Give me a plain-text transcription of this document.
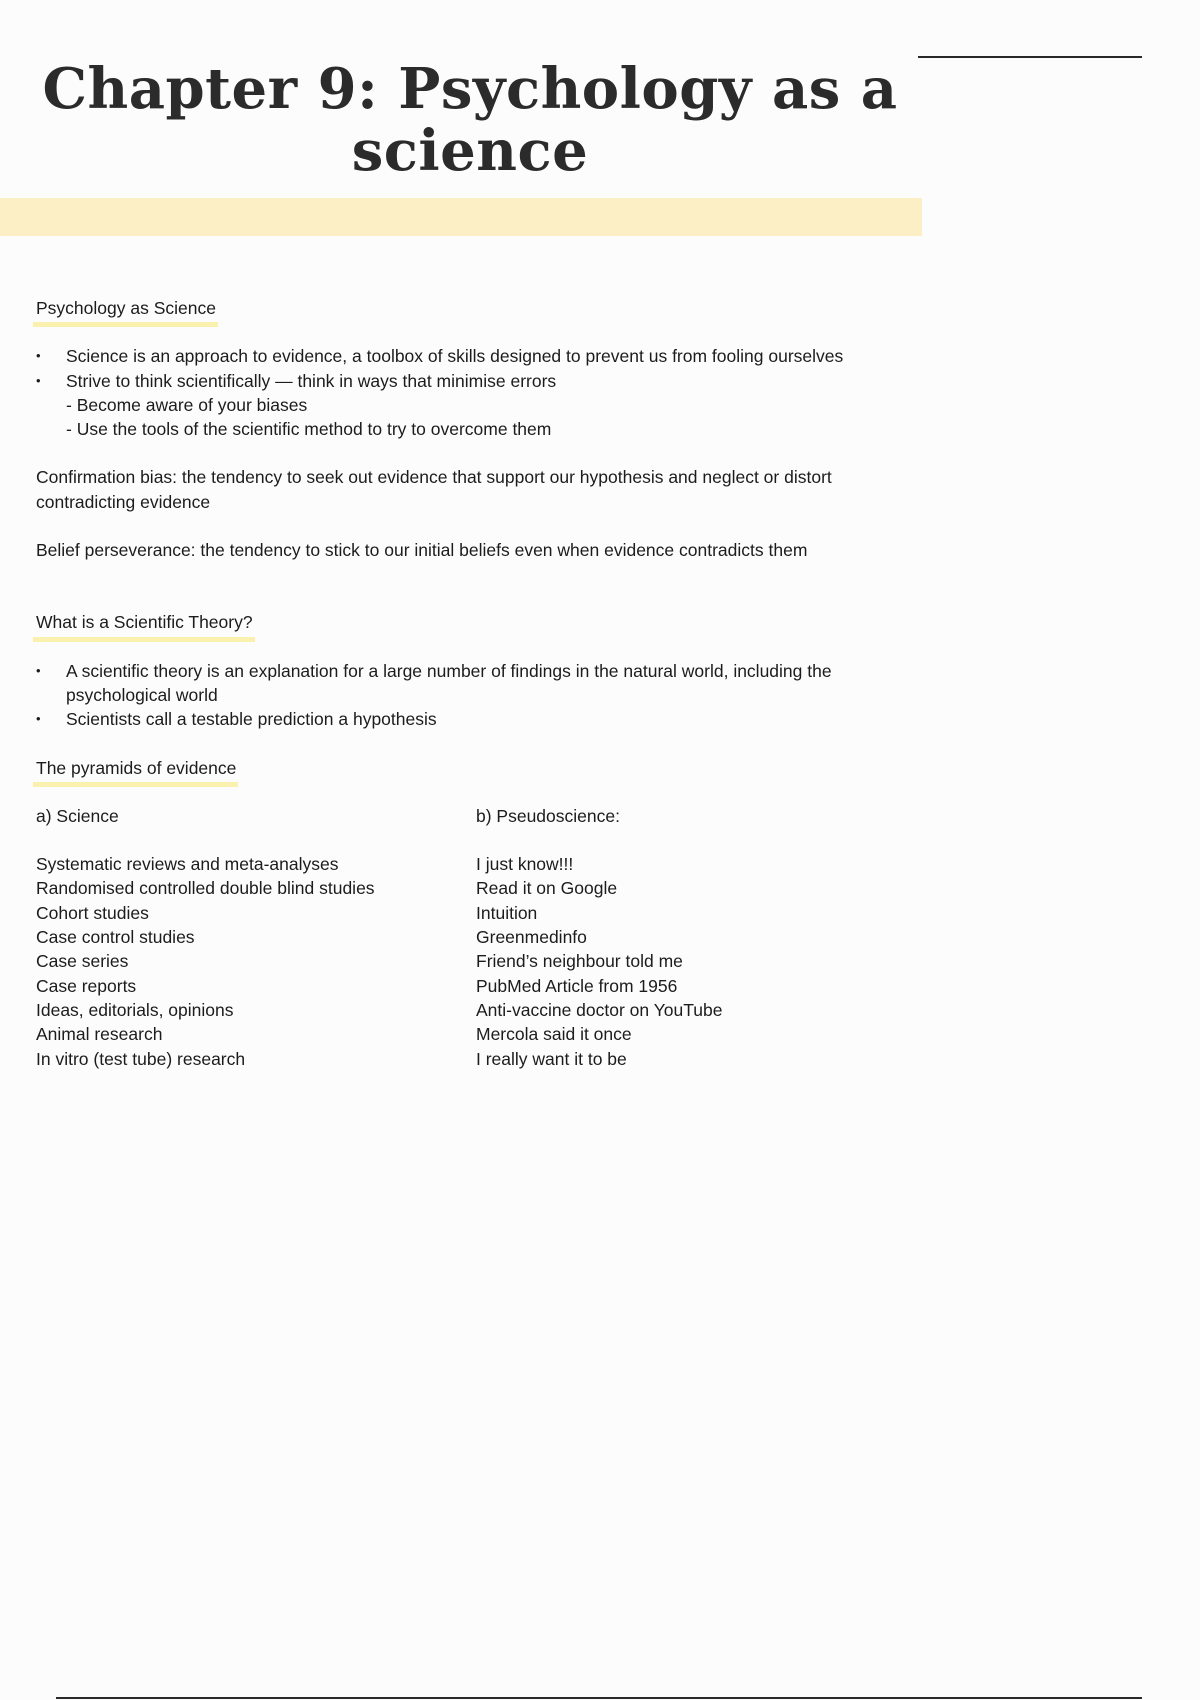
Chapter 9: Psychology as a science
Psychology as Science
• Science is an approach to evidence, a toolbox of skills designed to prevent us from fooling ourselves
• Strive to think scientifically — think in ways that minimise errors
- Become aware of your biases
- Use the tools of the scientific method to try to overcome them

Confirmation bias: the tendency to seek out evidence that support our hypothesis and neglect or distort contradicting evidence

Belief perseverance: the tendency to stick to our initial beliefs even when evidence contradicts them

What is a Scientific Theory?
• A scientific theory is an explanation for a large number of findings in the natural world, including the psychological world
• Scientists call a testable prediction a hypothesis
The pyramids of evidence
a) Science
Systematic reviews and meta-analyses
Randomised controlled double blind studies
Cohort studies
Case control studies
Case series
Case reports
Ideas, editorials, opinions
Animal research
In vitro (test tube) research
b) Pseudoscience:
I just know!!!
Read it on Google
Intuition
Greenmedinfo
Friend’s neighbour told me
PubMed Article from 1956
Anti-vaccine doctor on YouTube
Mercola said it once
I really want it to be
